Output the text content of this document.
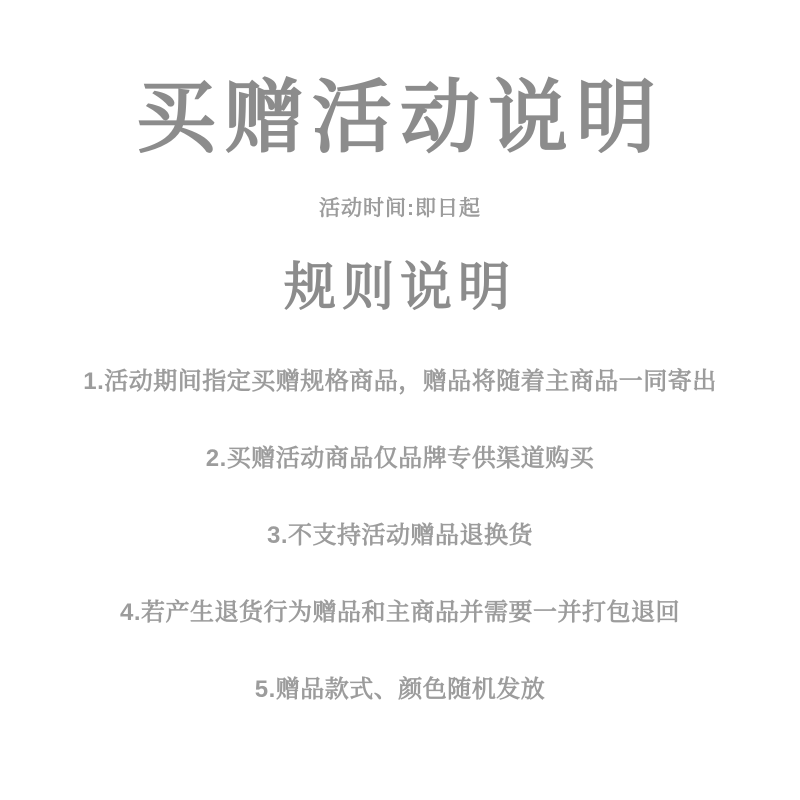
买赠活动说明
活动时间:即日起
规则说明
1.活动期间指定买赠规格商品，赠品将随着主商品一同寄出
2.买赠活动商品仅品牌专供渠道购买
3.不支持活动赠品退换货
4.若产生退货行为赠品和主商品并需要一并打包退回
5.赠品款式、颜色随机发放
